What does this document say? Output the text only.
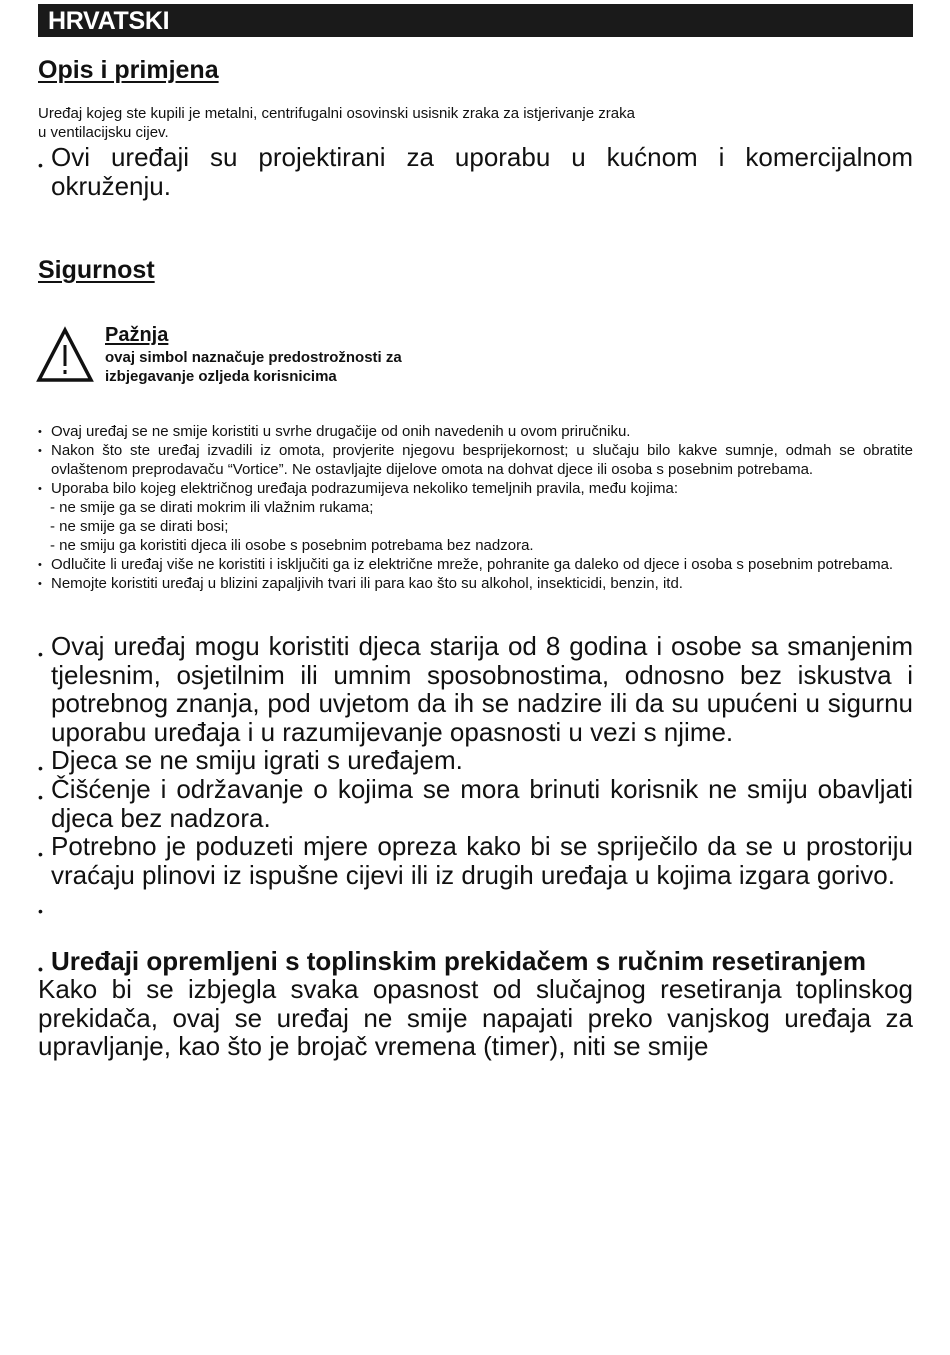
HRVATSKI
Opis i primjena
Uređaj kojeg ste kupili je metalni, centrifugalni osovinski usisnik zraka za istjerivanje zraka
u ventilacijsku cijev.
• Ovi uređaji su projektirani za uporabu u kućnom i komercijalnom okruženju.
Sigurnost
Pažnja
ovaj simbol naznačuje predostrožnosti za izbjegavanje ozljeda korisnicima
• Ovaj uređaj se ne smije koristiti u svrhe drugačije od onih navedenih u ovom priručniku.
• Nakon što ste uređaj izvadili iz omota, provjerite njegovu besprijekornost; u slučaju bilo kakve sumnje, odmah se obratite ovlaštenom preprodavaču “Vortice”. Ne ostavljajte dijelove omota na dohvat djece ili osoba s posebnim potrebama.
• Uporaba bilo kojeg električnog uređaja podrazumijeva nekoliko temeljnih pravila, među kojima:
- ne smije ga se dirati mokrim ili vlažnim rukama;
- ne smije ga se dirati bosi;
- ne smiju ga koristiti djeca ili osobe s posebnim potrebama bez nadzora.
• Odlučite li uređaj više ne koristiti i isključiti ga iz električne mreže, pohranite ga daleko od djece i osoba s posebnim potrebama.
• Nemojte koristiti uređaj u blizini zapaljivih tvari ili para kao što su alkohol, insekticidi, benzin, itd.
• Ovaj uređaj mogu koristiti djeca starija od 8 godina i osobe sa smanjenim tjelesnim, osjetilnim ili umnim sposobnostima, odnosno bez iskustva i potrebnog znanja, pod uvjetom da ih se nadzire ili da su upućeni u sigurnu uporabu uređaja i u razumijevanje opasnosti u vezi s njime.
• Djeca se ne smiju igrati s uređajem.
• Čišćenje i održavanje o kojima se mora brinuti korisnik ne smiju obavljati djeca bez nadzora.
• Potrebno je poduzeti mjere opreza kako bi se spriječilo da se u prostoriju vraćaju plinovi iz ispušne cijevi ili iz drugih uređaja u kojima izgara gorivo.
•
• Uređaji opremljeni s toplinskim prekidačem s ručnim resetiranjem
Kako bi se izbjegla svaka opasnost od slučajnog resetiranja toplinskog prekidača, ovaj se uređaj ne smije napajati preko vanjskog uređaja za upravljanje, kao što je brojač vremena (timer), niti se smije
